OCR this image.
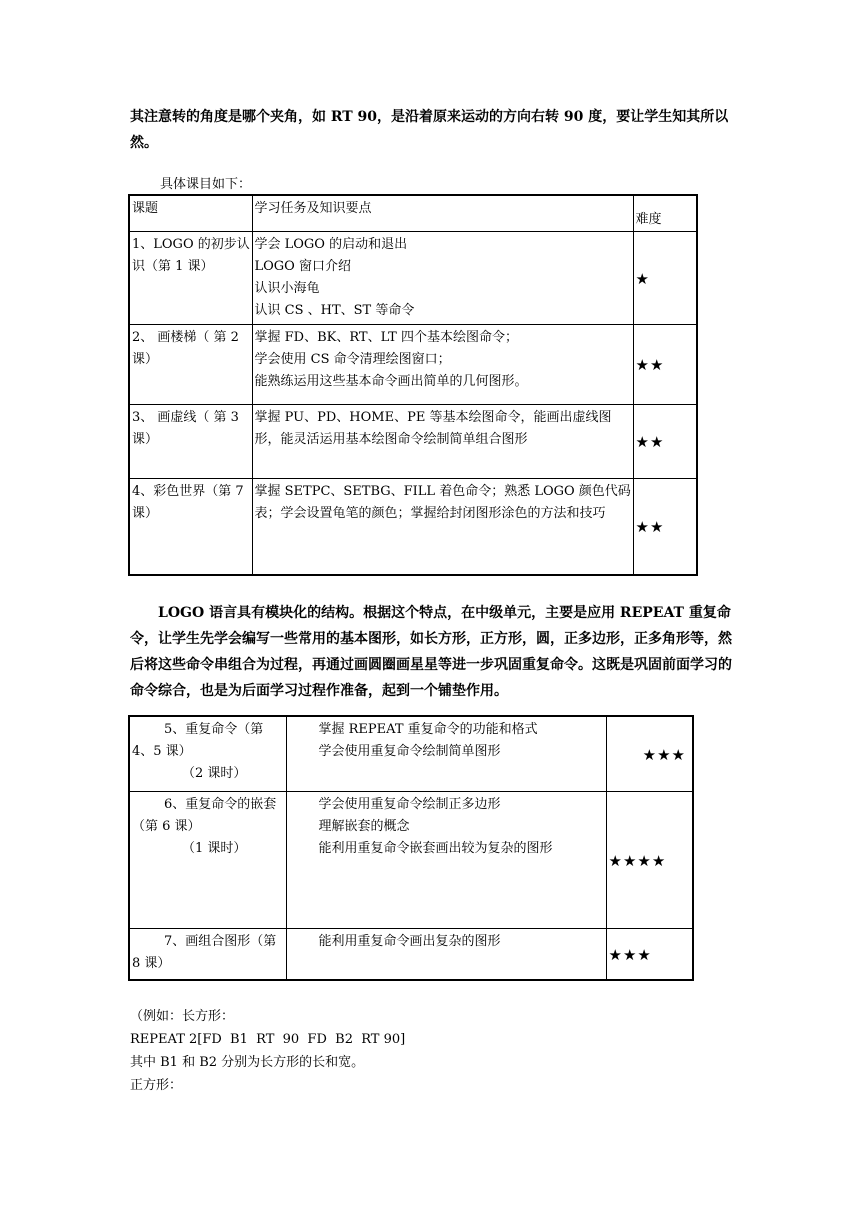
其注意转的角度是哪个夹角，如 RT 90，是沿着原来运动的方向右转 90 度，要让学生知其所以然。
具体课目如下：
课题	学习任务及知识要点	难度

1、LOGO 的初步认识（第 1 课）	学会 LOGO 的启动和退出
LOGO 窗口介绍
认识小海龟
认识 CS 、HT、ST 等命令	★

2、 画楼梯（ 第 2 课）	掌握 FD、BK、RT、LT 四个基本绘图命令；
学会使用 CS 命令清理绘图窗口；
能熟练运用这些基本命令画出简单的几何图形。	★★

3、 画虚线（ 第 3 课）	掌握 PU、PD、HOME、PE 等基本绘图命令，能画出虚线图形，能灵活运用基本绘图命令绘制简单组合图形	★★

4、彩色世界（第 7 课）	掌握 SETPC、SETBG、FILL 着色命令；熟悉 LOGO 颜色代码表；学会设置龟笔的颜色；掌握给封闭图形涂色的方法和技巧	★★
LOGO 语言具有模块化的结构。根据这个特点，在中级单元，主要是应用 REPEAT 重复命令，让学生先学会编写一些常用的基本图形，如长方形，正方形，圆，正多边形，正多角形等，然后将这些命令串组合为过程，再通过画圆圈画星星等进一步巩固重复命令。这既是巩固前面学习的命令综合，也是为后面学习过程作准备，起到一个铺垫作用。
5、重复命令（第 4、5 课）
（2 课时）	掌握 REPEAT 重复命令的功能和格式
学会使用重复命令绘制简单图形	★★★

6、重复命令的嵌套（第 6 课）
（1 课时）	学会使用重复命令绘制正多边形
理解嵌套的概念
能利用重复命令嵌套画出较为复杂的图形	★★★★

7、画组合图形（第 8 课）	能利用重复命令画出复杂的图形	★★★
（例如：长方形：
REPEAT 2[FD  B1  RT  90  FD  B2  RT 90]
其中 B1 和 B2 分别为长方形的长和宽。
正方形：
